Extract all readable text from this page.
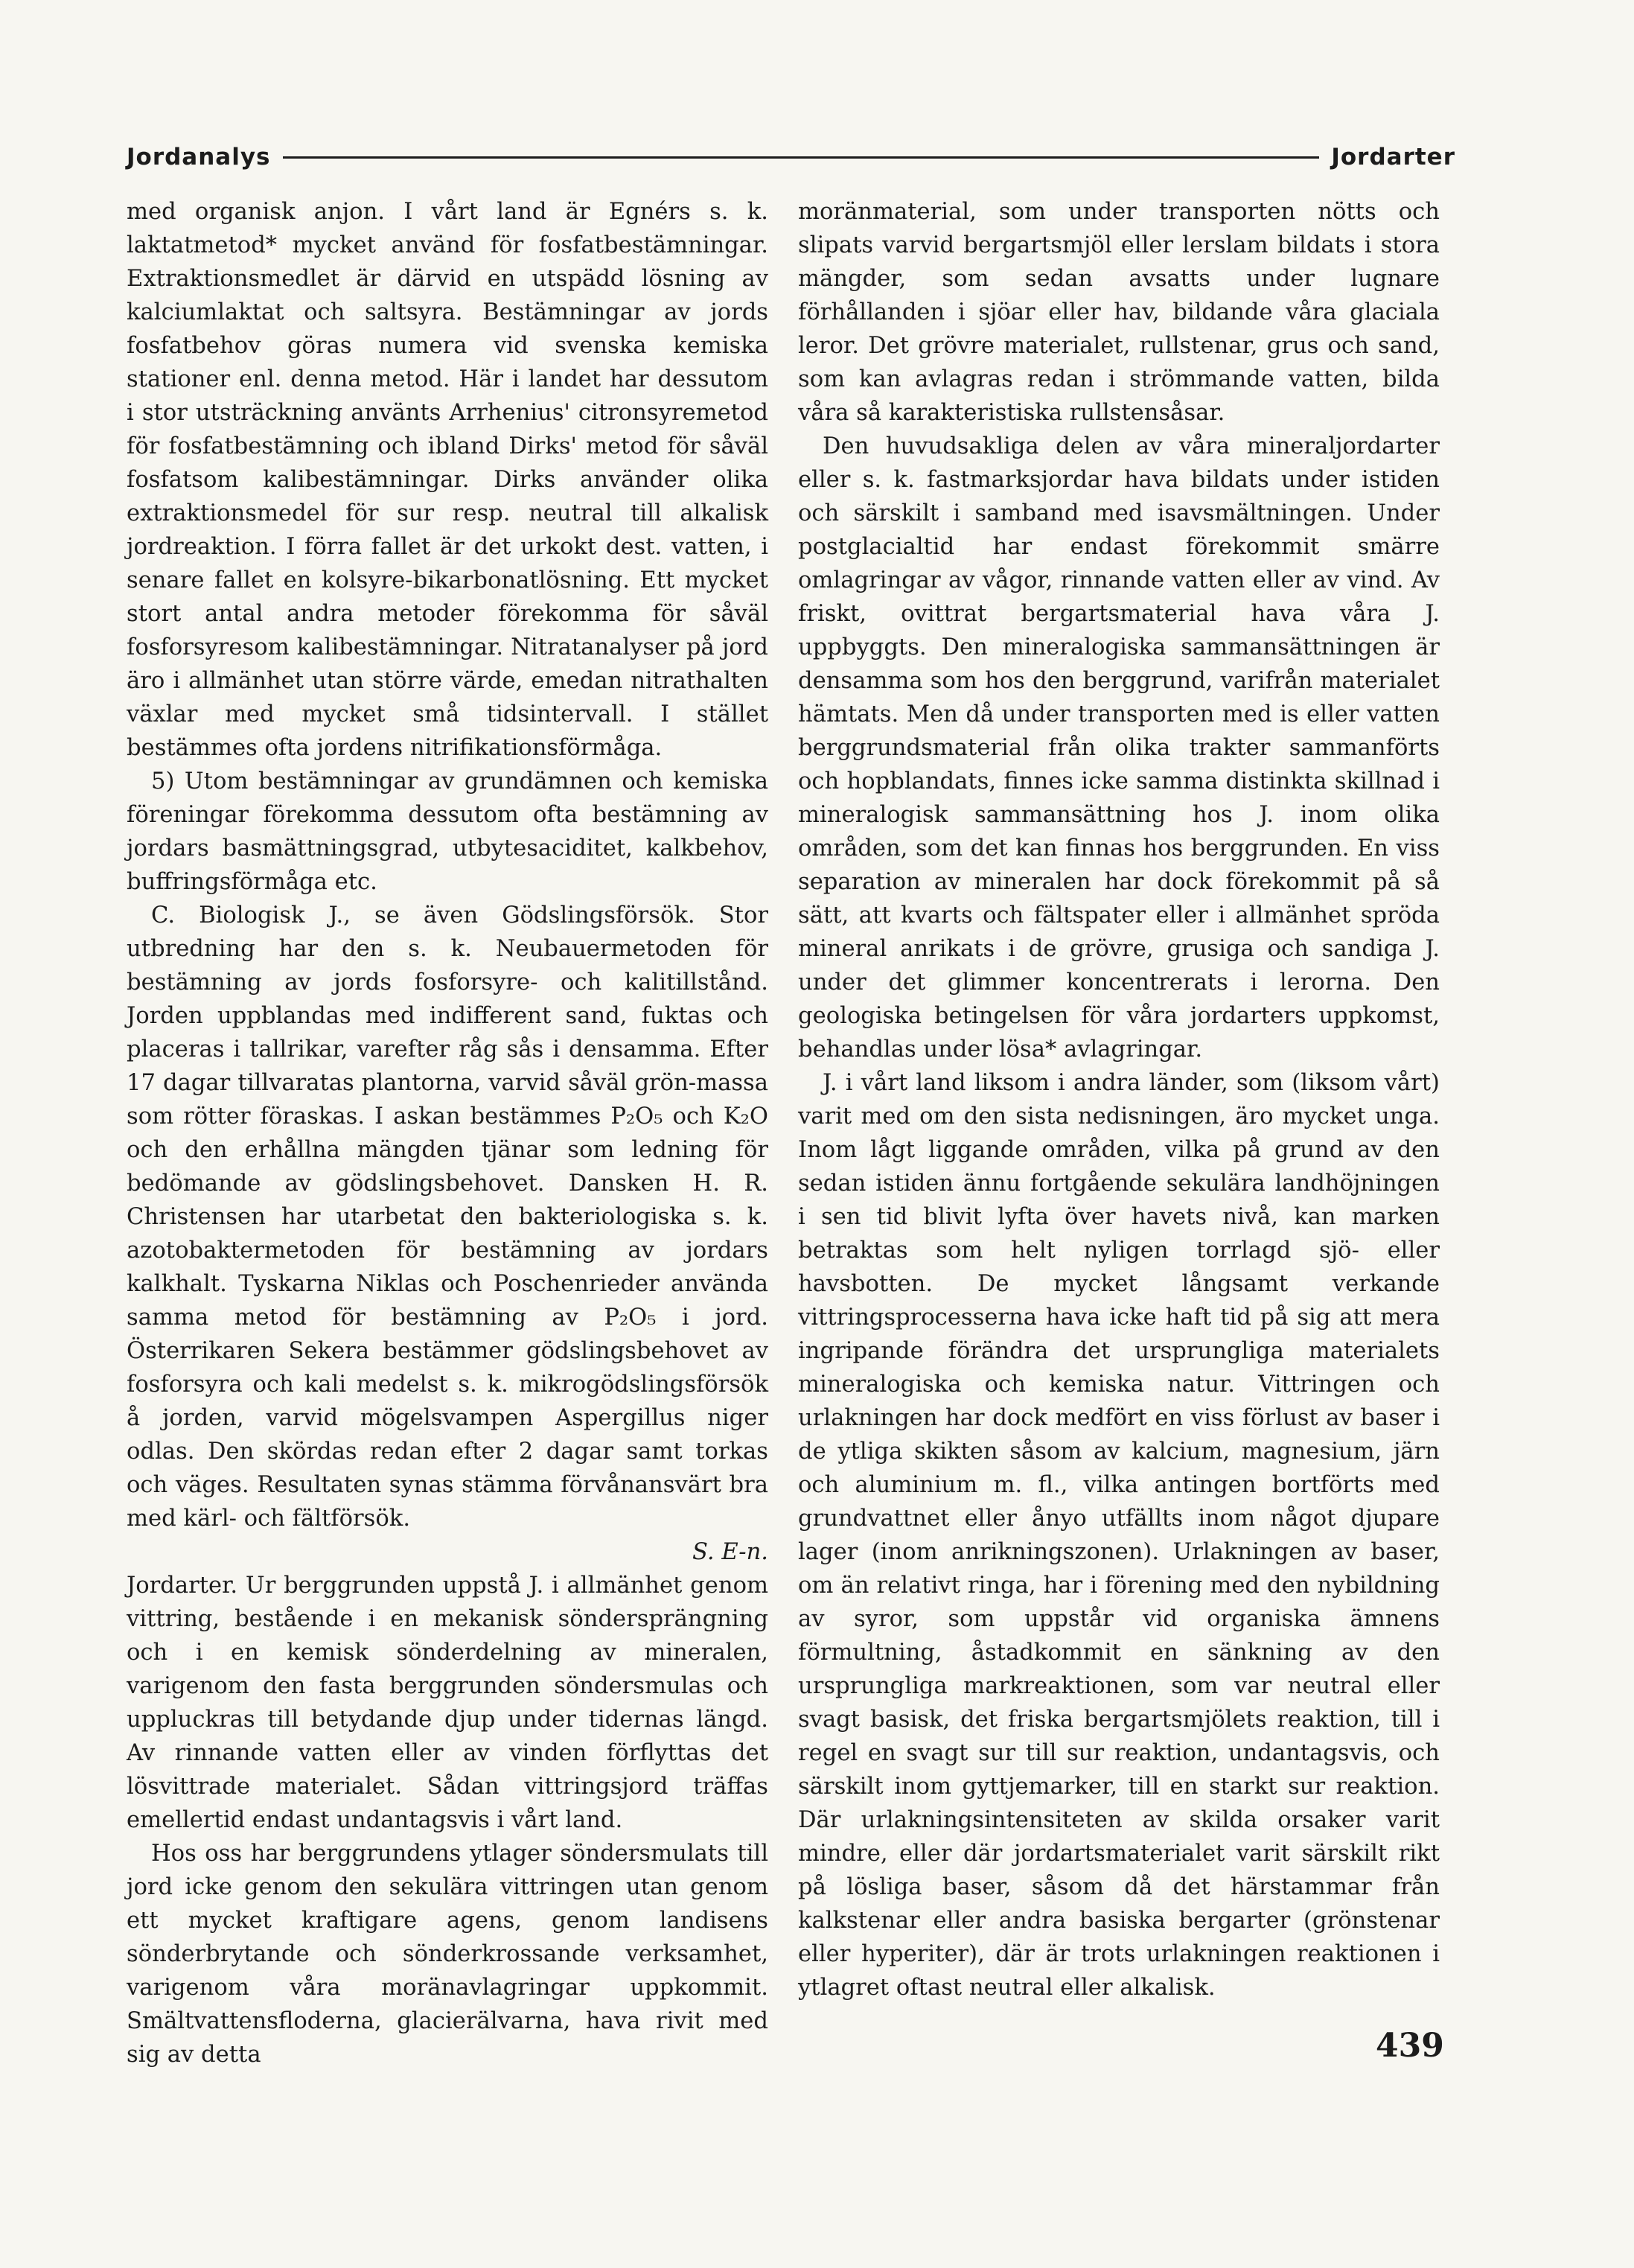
Jordanalys	Jordarter

med organisk anjon. I vårt land är Egnérs s. k. laktatmetod* mycket använd för fosfatbestämningar. Extraktionsmedlet är därvid en utspädd lösning av kalciumlaktat och saltsyra. Bestämningar av jords fosfatbehov göras numera vid svenska kemiska stationer enl. denna metod. Här i landet har dessutom i stor utsträckning använts Arrhenius' citronsyremetod för fosfatbestämning och ibland Dirks' metod för såväl fosfatsom kalibestämningar. Dirks använder olika extraktionsmedel för sur resp. neutral till alkalisk jordreaktion. I förra fallet är det urkokt dest. vatten, i senare fallet en kolsyre-bikarbonatlösning. Ett mycket stort antal andra metoder förekomma för såväl fosforsyresom kalibestämningar. Nitratanalyser på jord äro i allmänhet utan större värde, emedan nitrathalten växlar med mycket små tidsintervall. I stället bestämmes ofta jordens nitrifikationsförmåga.

5) Utom bestämningar av grundämnen och kemiska föreningar förekomma dessutom ofta bestämning av jordars basmättningsgrad, utbytesaciditet, kalkbehov, buffringsförmåga etc.

C. Biologisk J., se även Gödslingsförsök. Stor utbredning har den s. k. Neubauermetoden för bestämning av jords fosforsyre- och kalitillstånd. Jorden uppblandas med indifferent sand, fuktas och placeras i tallrikar, varefter råg sås i densamma. Efter 17 dagar tillvaratas plantorna, varvid såväl grön-massa som rötter föraskas. I askan bestämmes P₂O₅ och K₂O och den erhållna mängden tjänar som ledning för bedömande av gödslingsbehovet. Dansken H. R. Christensen har utarbetat den bakteriologiska s. k. azotobaktermetoden för bestämning av jordars kalkhalt. Tyskarna Niklas och Poschenrieder använda samma metod för bestämning av P₂O₅ i jord. Österrikaren Sekera bestämmer gödslingsbehovet av fosforsyra och kali medelst s. k. mikrogödslingsförsök å jorden, varvid mögelsvampen Aspergillus niger odlas. Den skördas redan efter 2 dagar samt torkas och väges. Resultaten synas stämma förvånansvärt bra med kärl- och fältförsök.

S. E-n.

Jordarter. Ur berggrunden uppstå J. i allmänhet genom vittring, bestående i en mekanisk söndersprängning och i en kemisk sönderdelning av mineralen, varigenom den fasta berggrunden söndersmulas och uppluckras till betydande djup under tidernas längd. Av rinnande vatten eller av vinden förflyttas det lösvittrade materialet. Sådan vittringsjord träffas emellertid endast undantagsvis i vårt land.

Hos oss har berggrundens ytlager söndersmulats till jord icke genom den sekulära vittringen utan genom ett mycket kraftigare agens, genom landisens sönderbrytande och sönderkrossande verksamhet, varigenom våra moränavlagringar uppkommit. Smältvattensfloderna, glacierälvarna, hava rivit med sig av detta

moränmaterial, som under transporten nötts och slipats varvid bergartsmjöl eller lerslam bildats i stora mängder, som sedan avsatts under lugnare förhållanden i sjöar eller hav, bildande våra glaciala leror. Det grövre materialet, rullstenar, grus och sand, som kan avlagras redan i strömmande vatten, bilda våra så karakteristiska rullstensåsar.

Den huvudsakliga delen av våra mineraljordarter eller s. k. fastmarksjordar hava bildats under istiden och särskilt i samband med isavsmältningen. Under postglacialtid har endast förekommit smärre omlagringar av vågor, rinnande vatten eller av vind. Av friskt, ovittrat bergartsmaterial hava våra J. uppbyggts. Den mineralogiska sammansättningen är densamma som hos den berggrund, varifrån materialet hämtats. Men då under transporten med is eller vatten berggrundsmaterial från olika trakter sammanförts och hopblandats, finnes icke samma distinkta skillnad i mineralogisk sammansättning hos J. inom olika områden, som det kan finnas hos berggrunden. En viss separation av mineralen har dock förekommit på så sätt, att kvarts och fältspater eller i allmänhet spröda mineral anrikats i de grövre, grusiga och sandiga J. under det glimmer koncentrerats i lerorna. Den geologiska betingelsen för våra jordarters uppkomst, behandlas under lösa* avlagringar.

J. i vårt land liksom i andra länder, som (liksom vårt) varit med om den sista nedisningen, äro mycket unga. Inom lågt liggande områden, vilka på grund av den sedan istiden ännu fortgående sekulära landhöjningen i sen tid blivit lyfta över havets nivå, kan marken betraktas som helt nyligen torrlagd sjö- eller havsbotten. De mycket långsamt verkande vittringsprocesserna hava icke haft tid på sig att mera ingripande förändra det ursprungliga materialets mineralogiska och kemiska natur. Vittringen och urlakningen har dock medfört en viss förlust av baser i de ytliga skikten såsom av kalcium, magnesium, järn och aluminium m. fl., vilka antingen bortförts med grundvattnet eller ånyo utfällts inom något djupare lager (inom anrikningszonen). Urlakningen av baser, om än relativt ringa, har i förening med den nybildning av syror, som uppstår vid organiska ämnens förmultning, åstadkommit en sänkning av den ursprungliga markreaktionen, som var neutral eller svagt basisk, det friska bergartsmjölets reaktion, till i regel en svagt sur till sur reaktion, undantagsvis, och särskilt inom gyttjemarker, till en starkt sur reaktion. Där urlakningsintensiteten av skilda orsaker varit mindre, eller där jordartsmaterialet varit särskilt rikt på lösliga baser, såsom då det härstammar från kalkstenar eller andra basiska bergarter (grönstenar eller hyperiter), där är trots urlakningen reaktionen i ytlagret oftast neutral eller alkalisk.

439
